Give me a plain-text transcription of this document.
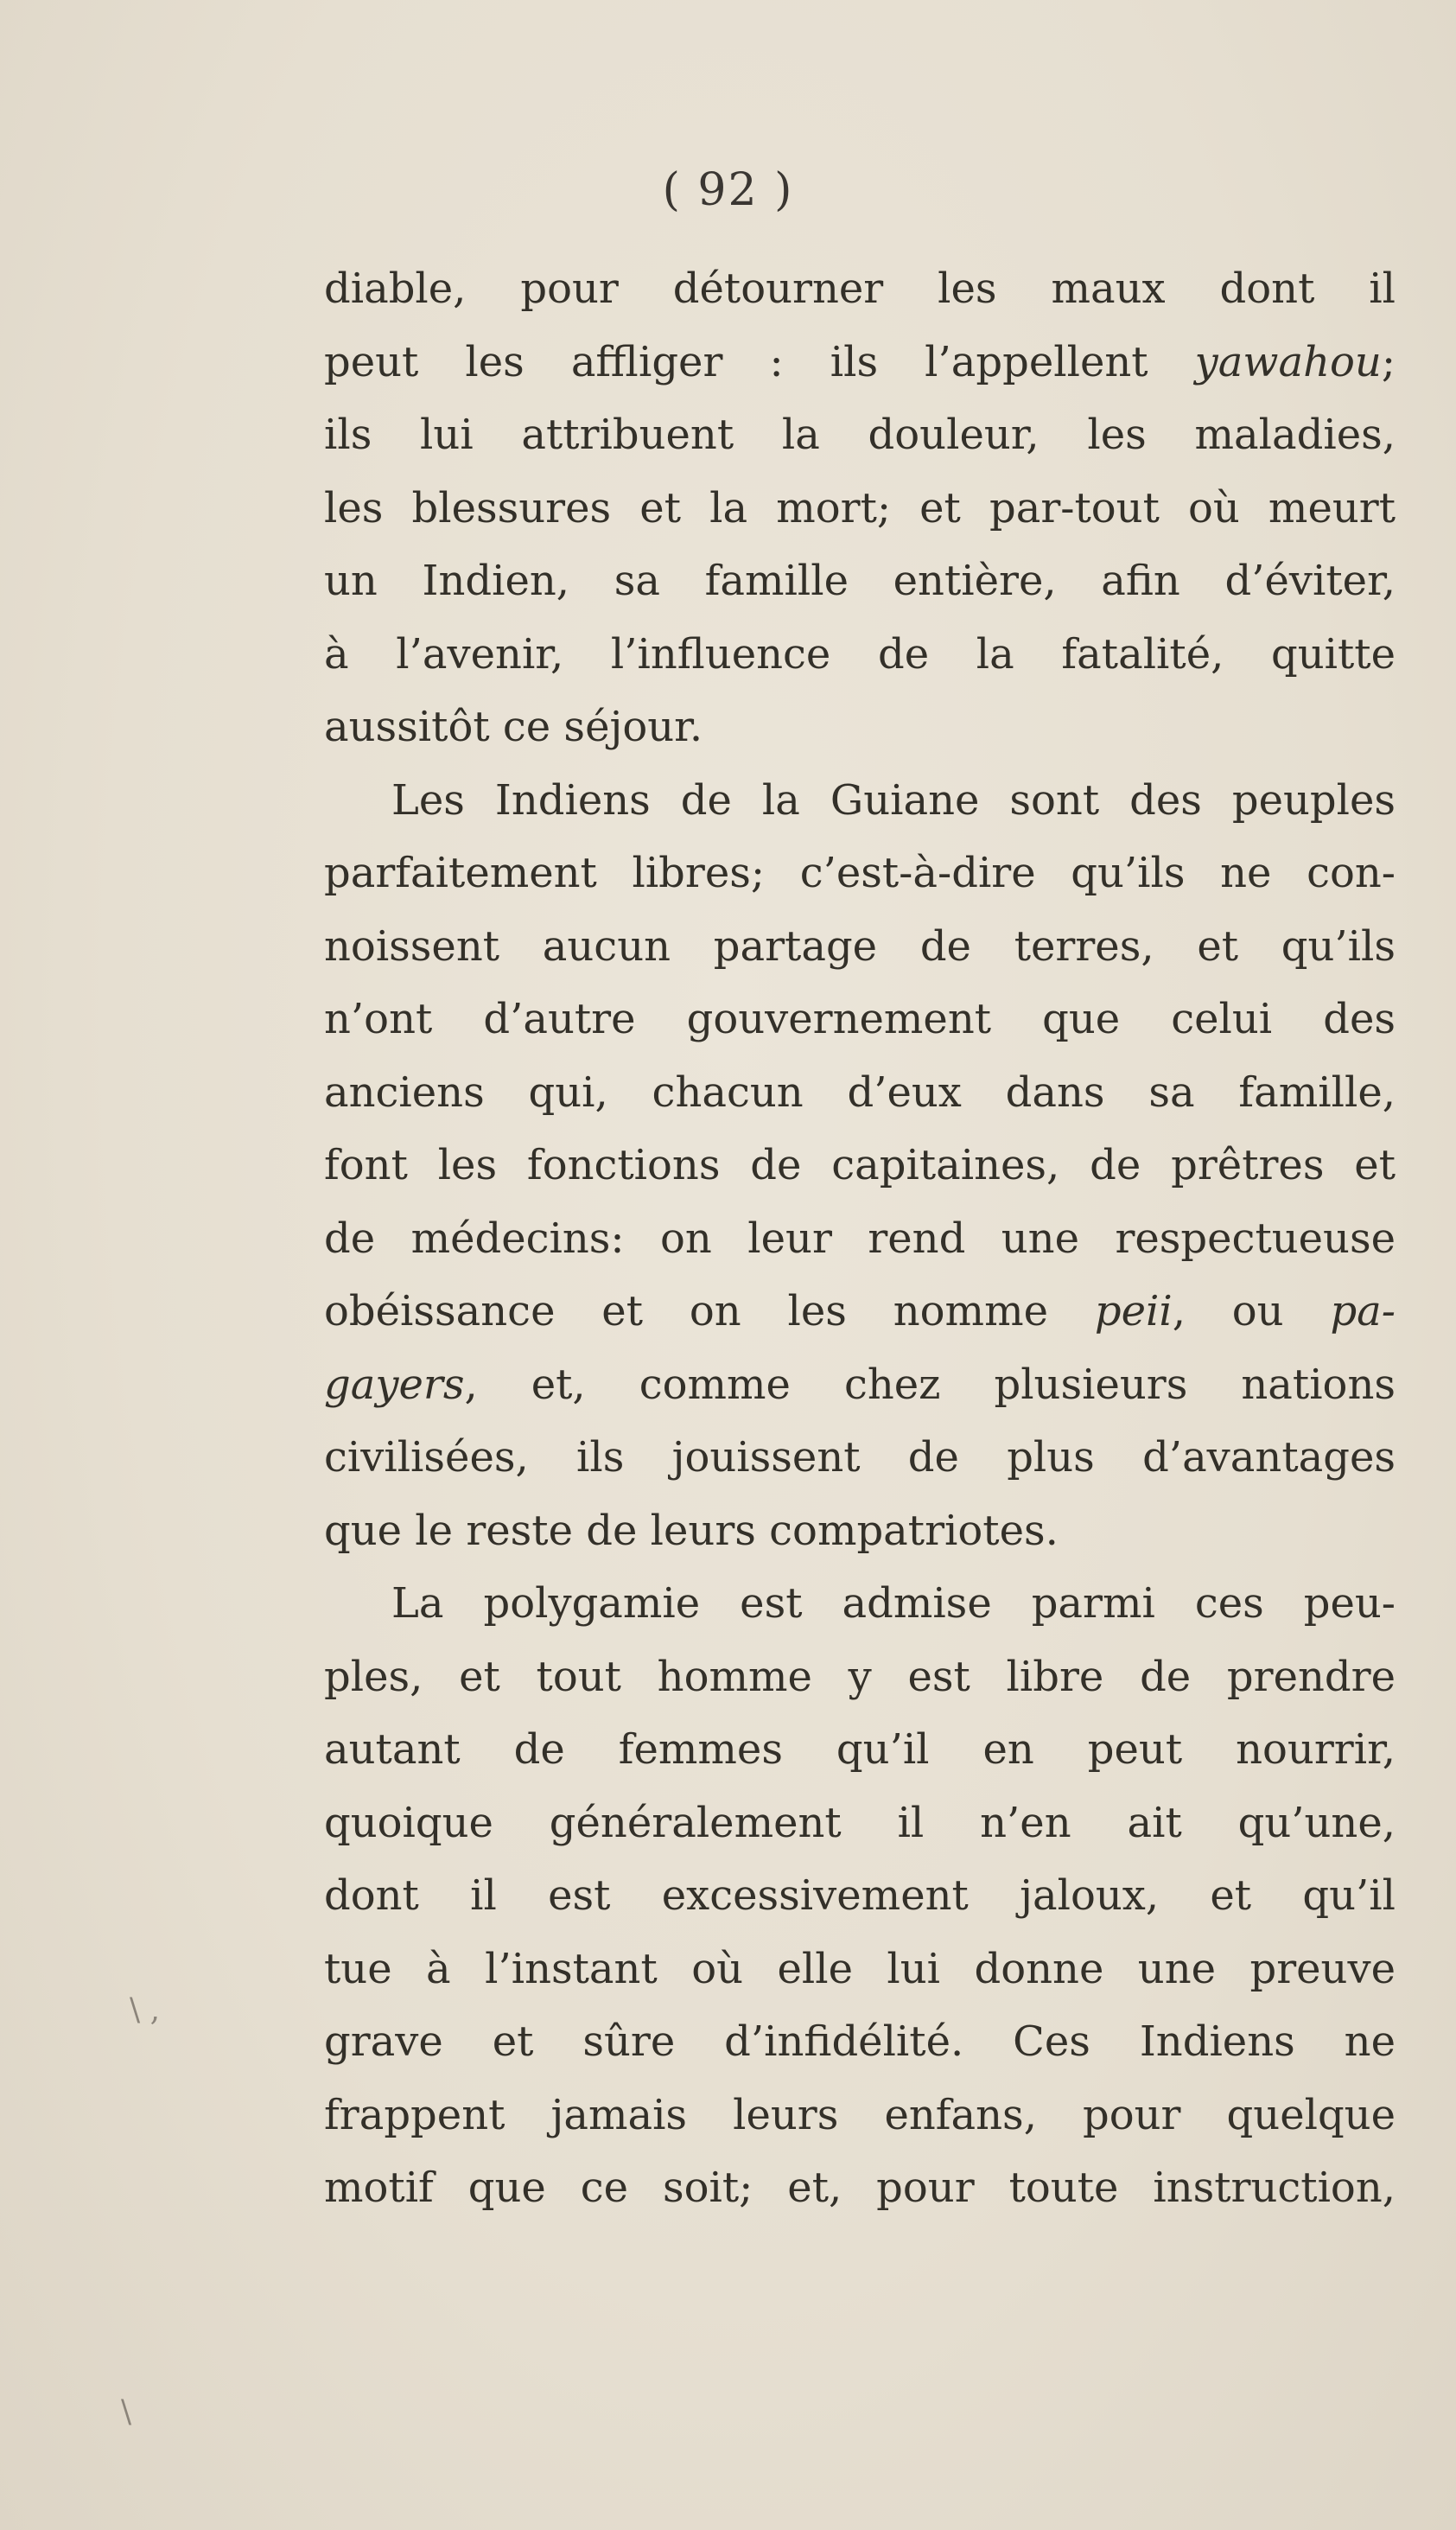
( 92 )
diable, pour détourner les maux dont il
peut les affliger : ils l’appellent yawahou;
ils lui attribuent la douleur, les maladies,
les blessures et la mort; et par-tout où meurt
un Indien, sa famille entière, afin d’éviter,
à l’avenir, l’influence de la fatalité, quitte
aussitôt ce séjour.
Les Indiens de la Guiane sont des peuples
parfaitement libres; c’est-à-dire qu’ils ne con-
noissent aucun partage de terres, et qu’ils
n’ont d’autre gouvernement que celui des
anciens qui, chacun d’eux dans sa famille,
font les fonctions de capitaines, de prêtres et
de médecins: on leur rend une respectueuse
obéissance et on les nomme peii, ou pa-
gayers, et, comme chez plusieurs nations
civilisées, ils jouissent de plus d’avantages
que le reste de leurs compatriotes.
La polygamie est admise parmi ces peu-
ples, et tout homme y est libre de prendre
autant de femmes qu’il en peut nourrir,
quoique généralement il n’en ait qu’une,
dont il est excessivement jaloux, et qu’il
tue à l’instant où elle lui donne une preuve
grave et sûre d’infidélité. Ces Indiens ne
frappent jamais leurs enfans, pour quelque
motif que ce soit; et, pour toute instruction,
\ ,
\
